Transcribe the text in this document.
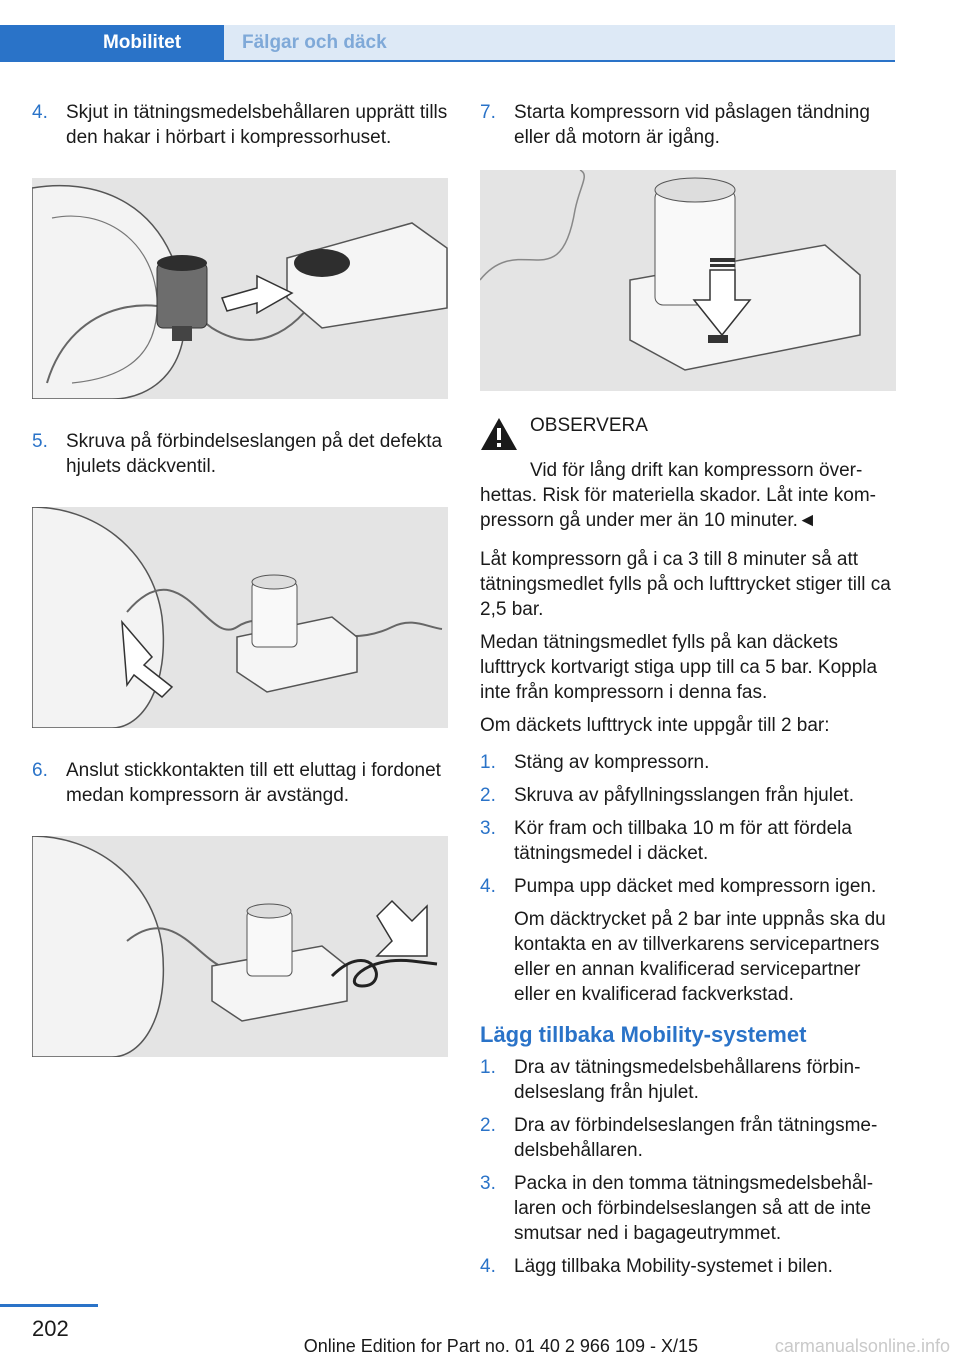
Mobilitet	Fälgar och däck
4. Skjut in tätningsmedelsbehållaren upprätt tills den hakar i hörbart i kompressorhuset.
5. Skruva på förbindelseslangen på det defekta hjulets däckventil.
6. Anslut stickkontakten till ett eluttag i fordonet medan kompressorn är avstängd.
7. Starta kompressorn vid påslagen tändning eller då motorn är igång.
OBSERVERA

Vid för lång drift kan kompressorn överhettas. Risk för materiella skador. Låt inte kompressorn gå under mer än 10 minuter.◄

Låt kompressorn gå i ca 3 till 8 minuter så att tätningsmedlet fylls på och lufttrycket stiger till ca 2,5 bar.

Medan tätningsmedlet fylls på kan däckets lufttryck kortvarigt stiga upp till ca 5 bar. Koppla inte från kompressorn i denna fas.

Om däckets lufttryck inte uppgår till 2 bar:

1. Stäng av kompressorn.
2. Skruva av påfyllningsslangen från hjulet.
3. Kör fram och tillbaka 10 m för att fördela tätningsmedel i däcket.
4. Pumpa upp däcket med kompressorn igen.
Om däcktrycket på 2 bar inte uppnås ska du kontakta en av tillverkarens servicepartners eller en annan kvalificerad servicepartner eller en kvalificerad fackverkstad.
Lägg tillbaka Mobility-systemet
1. Dra av tätningsmedelsbehållarens förbindelseslang från hjulet.
2. Dra av förbindelseslangen från tätningsmedelsbehållaren.
3. Packa in den tomma tätningsmedelsbehållaren och förbindelseslangen så att de inte smutsar ned i bagageutrymmet.
4. Lägg tillbaka Mobility-systemet i bilen.
202
Online Edition for Part no. 01 40 2 966 109 - X/15	carmanualsonline.info
